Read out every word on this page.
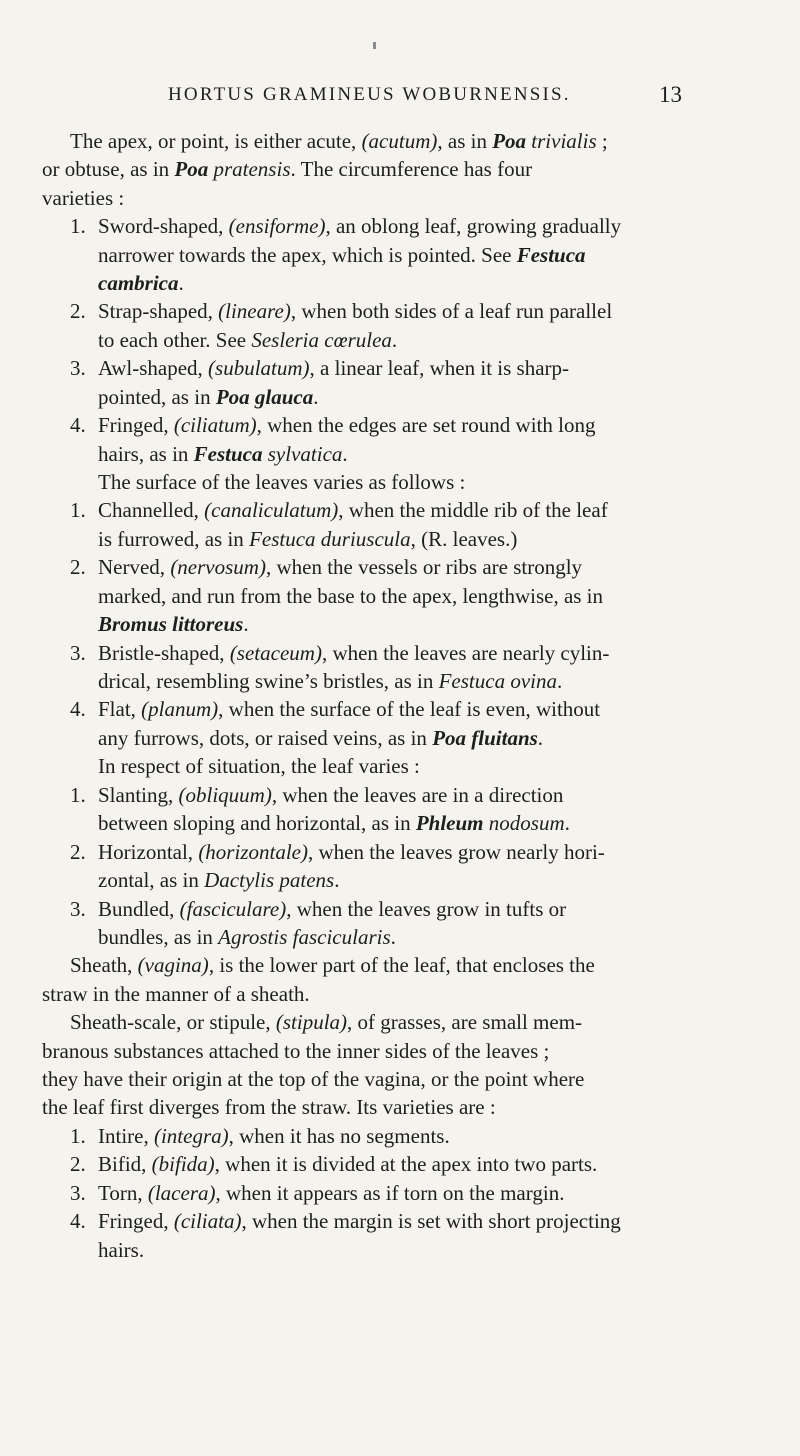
HORTUS GRAMINEUS WOBURNENSIS.	13
The apex, or point, is either acute, (acutum), as in Poa trivialis ;
or obtuse, as in Poa pratensis. The circumference has four
varieties :
1. Sword-shaped, (ensiforme), an oblong leaf, growing gradually
narrower towards the apex, which is pointed. See Festuca
cambrica.
2. Strap-shaped, (lineare), when both sides of a leaf run parallel
to each other. See Sesleria cœrulea.
3. Awl-shaped, (subulatum), a linear leaf, when it is sharp-
pointed, as in Poa glauca.
4. Fringed, (ciliatum), when the edges are set round with long
hairs, as in Festuca sylvatica.
The surface of the leaves varies as follows :
1. Channelled, (canaliculatum), when the middle rib of the leaf
is furrowed, as in Festuca duriuscula, (R. leaves.)
2. Nerved, (nervosum), when the vessels or ribs are strongly
marked, and run from the base to the apex, lengthwise, as in
Bromus littoreus.
3. Bristle-shaped, (setaceum), when the leaves are nearly cylin-
drical, resembling swine’s bristles, as in Festuca ovina.
4. Flat, (planum), when the surface of the leaf is even, without
any furrows, dots, or raised veins, as in Poa fluitans.
In respect of situation, the leaf varies :
1. Slanting, (obliquum), when the leaves are in a direction
between sloping and horizontal, as in Phleum nodosum.
2. Horizontal, (horizontale), when the leaves grow nearly hori-
zontal, as in Dactylis patens.
3. Bundled, (fasciculare), when the leaves grow in tufts or
bundles, as in Agrostis fascicularis.
Sheath, (vagina), is the lower part of the leaf, that encloses the
straw in the manner of a sheath.
Sheath-scale, or stipule, (stipula), of grasses, are small mem-
branous substances attached to the inner sides of the leaves ;
they have their origin at the top of the vagina, or the point where
the leaf first diverges from the straw. Its varieties are :
1. Intire, (integra), when it has no segments.
2. Bifid, (bifida), when it is divided at the apex into two parts.
3. Torn, (lacera), when it appears as if torn on the margin.
4. Fringed, (ciliata), when the margin is set with short projecting
hairs.
